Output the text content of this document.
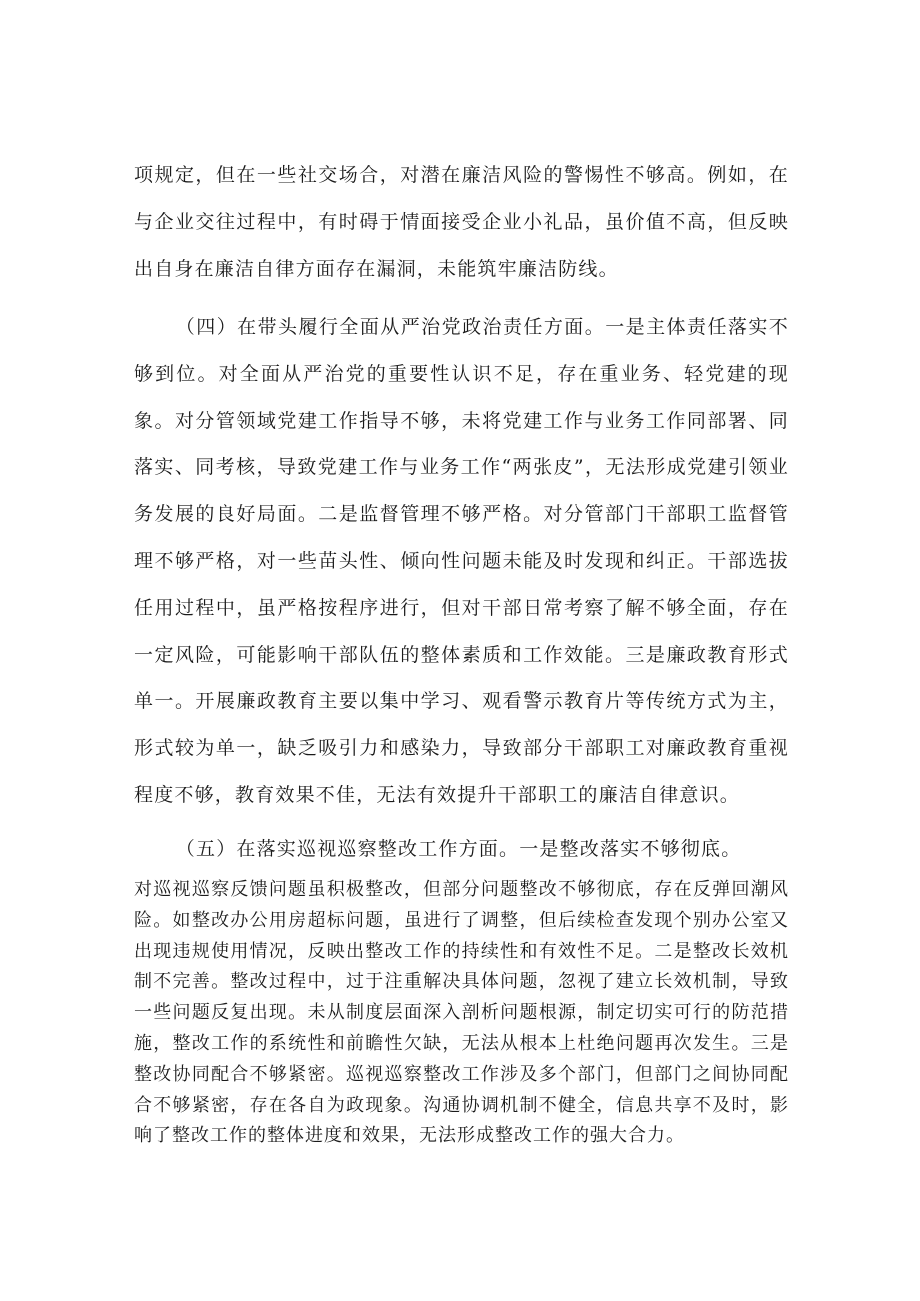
项规定，但在一些社交场合，对潜在廉洁风险的警惕性不够高。例如，在与企业交往过程中，有时碍于情面接受企业小礼品，虽价值不高，但反映出自身在廉洁自律方面存在漏洞，未能筑牢廉洁防线。

（四）在带头履行全面从严治党政治责任方面。一是主体责任落实不够到位。对全面从严治党的重要性认识不足，存在重业务、轻党建的现象。对分管领域党建工作指导不够，未将党建工作与业务工作同部署、同落实、同考核，导致党建工作与业务工作“两张皮”，无法形成党建引领业务发展的良好局面。二是监督管理不够严格。对分管部门干部职工监督管理不够严格，对一些苗头性、倾向性问题未能及时发现和纠正。干部选拔任用过程中，虽严格按程序进行，但对干部日常考察了解不够全面，存在一定风险，可能影响干部队伍的整体素质和工作效能。三是廉政教育形式单一。开展廉政教育主要以集中学习、观看警示教育片等传统方式为主，形式较为单一，缺乏吸引力和感染力，导致部分干部职工对廉政教育重视程度不够，教育效果不佳，无法有效提升干部职工的廉洁自律意识。

（五）在落实巡视巡察整改工作方面。一是整改落实不够彻底。

对巡视巡察反馈问题虽积极整改，但部分问题整改不够彻底，存在反弹回潮风险。如整改办公用房超标问题，虽进行了调整，但后续检查发现个别办公室又出现违规使用情况，反映出整改工作的持续性和有效性不足。二是整改长效机制不完善。整改过程中，过于注重解决具体问题，忽视了建立长效机制，导致一些问题反复出现。未从制度层面深入剖析问题根源，制定切实可行的防范措施，整改工作的系统性和前瞻性欠缺，无法从根本上杜绝问题再次发生。三是整改协同配合不够紧密。巡视巡察整改工作涉及多个部门，但部门之间协同配合不够紧密，存在各自为政现象。沟通协调机制不健全，信息共享不及时，影响了整改工作的整体进度和效果，无法形成整改工作的强大合力。
